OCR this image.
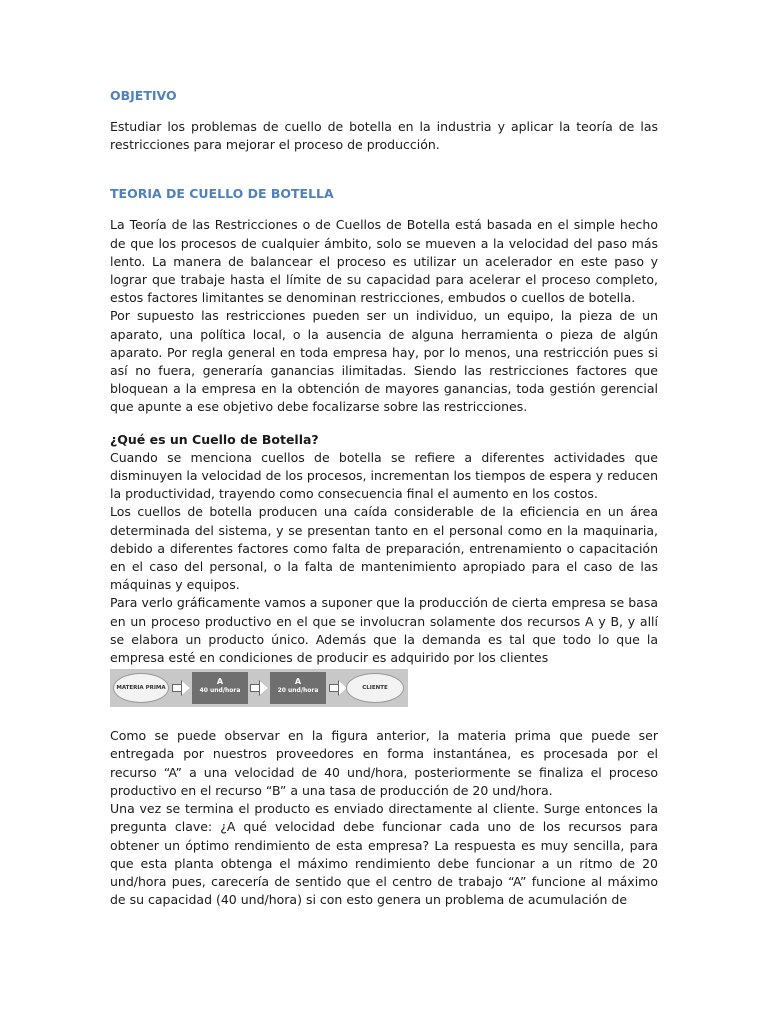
OBJETIVO

Estudiar los problemas de cuello de botella en la industria y aplicar la teoría de las restricciones para mejorar el proceso de producción.

TEORIA DE CUELLO DE BOTELLA

La Teoría de las Restricciones o de Cuellos de Botella está basada en el simple hecho de que los procesos de cualquier ámbito, solo se mueven a la velocidad del paso más lento. La manera de balancear el proceso es utilizar un acelerador en este paso y lograr que trabaje hasta el límite de su capacidad para acelerar el proceso completo, estos factores limitantes se denominan restricciones, embudos o cuellos de botella.

Por supuesto las restricciones pueden ser un individuo, un equipo, la pieza de un aparato, una política local, o la ausencia de alguna herramienta o pieza de algún aparato. Por regla general en toda empresa hay, por lo menos, una restricción pues si así no fuera, generaría ganancias ilimitadas. Siendo las restricciones factores que bloquean a la empresa en la obtención de mayores ganancias, toda gestión gerencial que apunte a ese objetivo debe focalizarse sobre las restricciones.

¿Qué es un Cuello de Botella?

Cuando se menciona cuellos de botella se refiere a diferentes actividades que disminuyen la velocidad de los procesos, incrementan los tiempos de espera y reducen la productividad, trayendo como consecuencia final el aumento en los costos.

Los cuellos de botella producen una caída considerable de la eficiencia en un área determinada del sistema, y se presentan tanto en el personal como en la maquinaria, debido a diferentes factores como falta de preparación, entrenamiento o capacitación en el caso del personal, o la falta de mantenimiento apropiado para el caso de las máquinas y equipos.

Para verlo gráficamente vamos a suponer que la producción de cierta empresa se basa en un proceso productivo en el que se involucran solamente dos recursos A y B, y allí se elabora un producto único. Además que la demanda es tal que todo lo que la empresa esté en condiciones de producir es adquirido por los clientes

MATERIA PRIMA
A
40 und/hora
A
20 und/hora	CLIENTE

Como se puede observar en la figura anterior, la materia prima que puede ser entregada por nuestros proveedores en forma instantánea, es procesada por el recurso “A” a una velocidad de 40 und/hora, posteriormente se finaliza el proceso productivo en el recurso “B” a una tasa de producción de 20 und/hora.

Una vez se termina el producto es enviado directamente al cliente. Surge entonces la pregunta clave: ¿A qué velocidad debe funcionar cada uno de los recursos para obtener un óptimo rendimiento de esta empresa? La respuesta es muy sencilla, para que esta planta obtenga el máximo rendimiento debe funcionar a un ritmo de 20 und/hora pues, carecería de sentido que el centro de trabajo “A” funcione al máximo de su capacidad (40 und/hora) si con esto genera un problema de acumulación de
